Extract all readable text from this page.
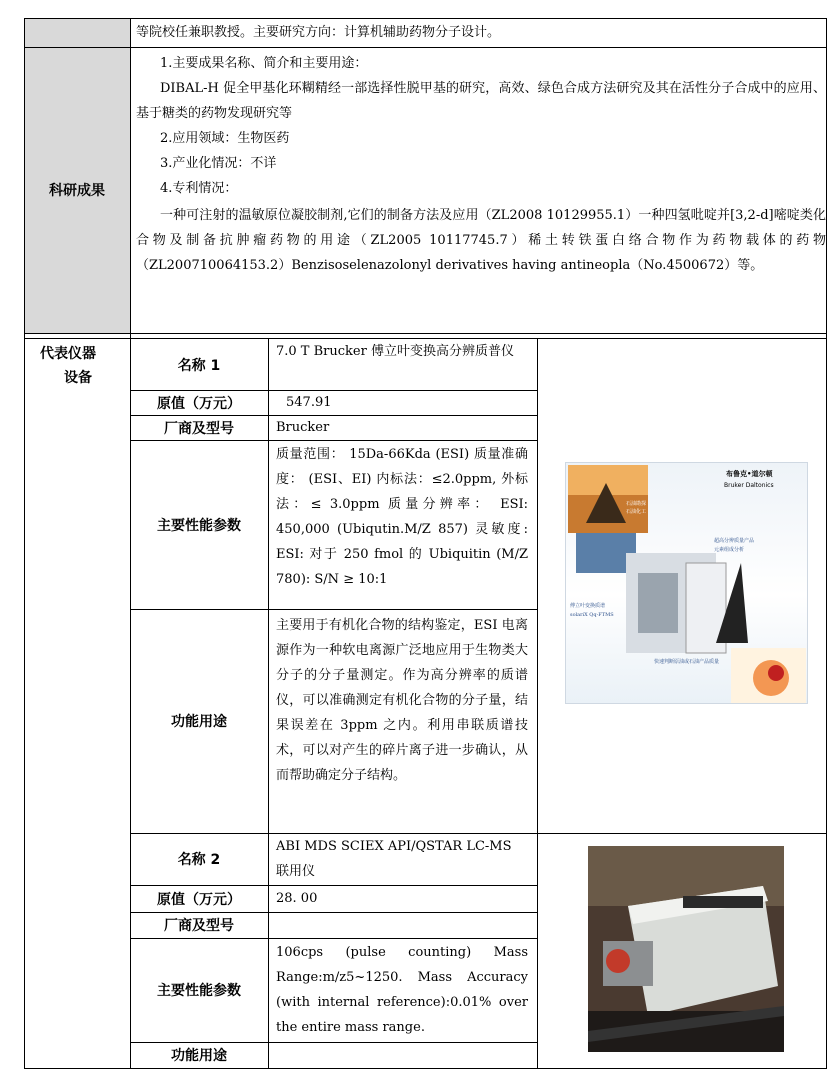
等院校任兼职教授。主要研究方向：计算机辅助药物分子设计。
科研成果
1.主要成果名称、简介和主要用途：
DIBAL-H 促全甲基化环糊精经一部选择性脱甲基的研究，高效、绿色合成方法研究及其在活性分子合成中的应用、基于糖类的药物发现研究等
2.应用领域：生物医药
3.产业化情况：不详
4.专利情况：
一种可注射的温敏原位凝胶制剂,它们的制备方法及应用（ZL2008 10129955.1）一种四氢吡啶并[3,2-d]嘧啶类化合物及制备抗肿瘤药物的用途（ZL2005 10117745.7）稀土转铁蛋白络合物作为药物载体的药物（ZL200710064153.2）Benzisoselenazolonyl derivatives having antineopla（No.4500672）等。
代表仪器
设备
名称 1
原值（万元）
厂商及型号
主要性能参数
功能用途
7.0 T Brucker 傅立叶变换高分辨质普仪
547.91
Brucker
质量范围： 15Da-66Kda (ESI) 质量准确度： (ESI、EI) 内标法：≤2.0ppm, 外标法：≤ 3.0ppm 质量分辨率： ESI: 450,000 (Ubiqutin.M/Z 857) 灵敏度: ESI: 对于 250 fmol 的 Ubiquitin (M/Z 780): S/N ≥ 10:1
主要用于有机化合物的结构鉴定，ESI 电离源作为一种软电离源广泛地应用于生物类大分子的分子量测定。作为高分辨率的质谱仪，可以准确测定有机化合物的分子量，结果误差在 3ppm 之内。利用串联质谱技术，可以对产生的碎片离子进一步确认，从而帮助确定分子结构。
布鲁克•道尔顿
Bruker Daltonics
石油勘探
石油化工
超高分辨质量产品
元素组成分析
傅立叶变换质谱
solariX Qq-FTMS
快速判断原油或石油产品质量
名称 2
原值（万元）
厂商及型号
主要性能参数
功能用途
ABI MDS SCIEX API/QSTAR LC-MS 联用仪
28. 00
106cps (pulse counting) Mass Range:m/z5~1250. Mass Accuracy (with internal reference):0.01% over the entire mass range.
